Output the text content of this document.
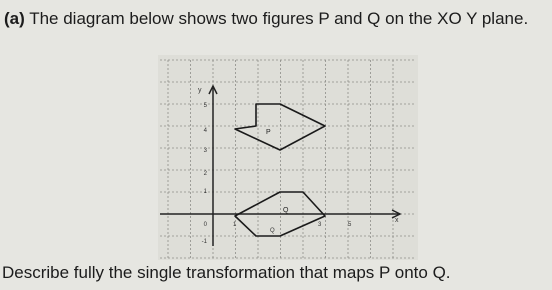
(a) The diagram below shows two figures P and Q on the XO Y plane.
y
x
5
4
3
2
1
0
-1
1	3	5
P
Q
Q
Describe fully the single transformation that maps P onto Q.
